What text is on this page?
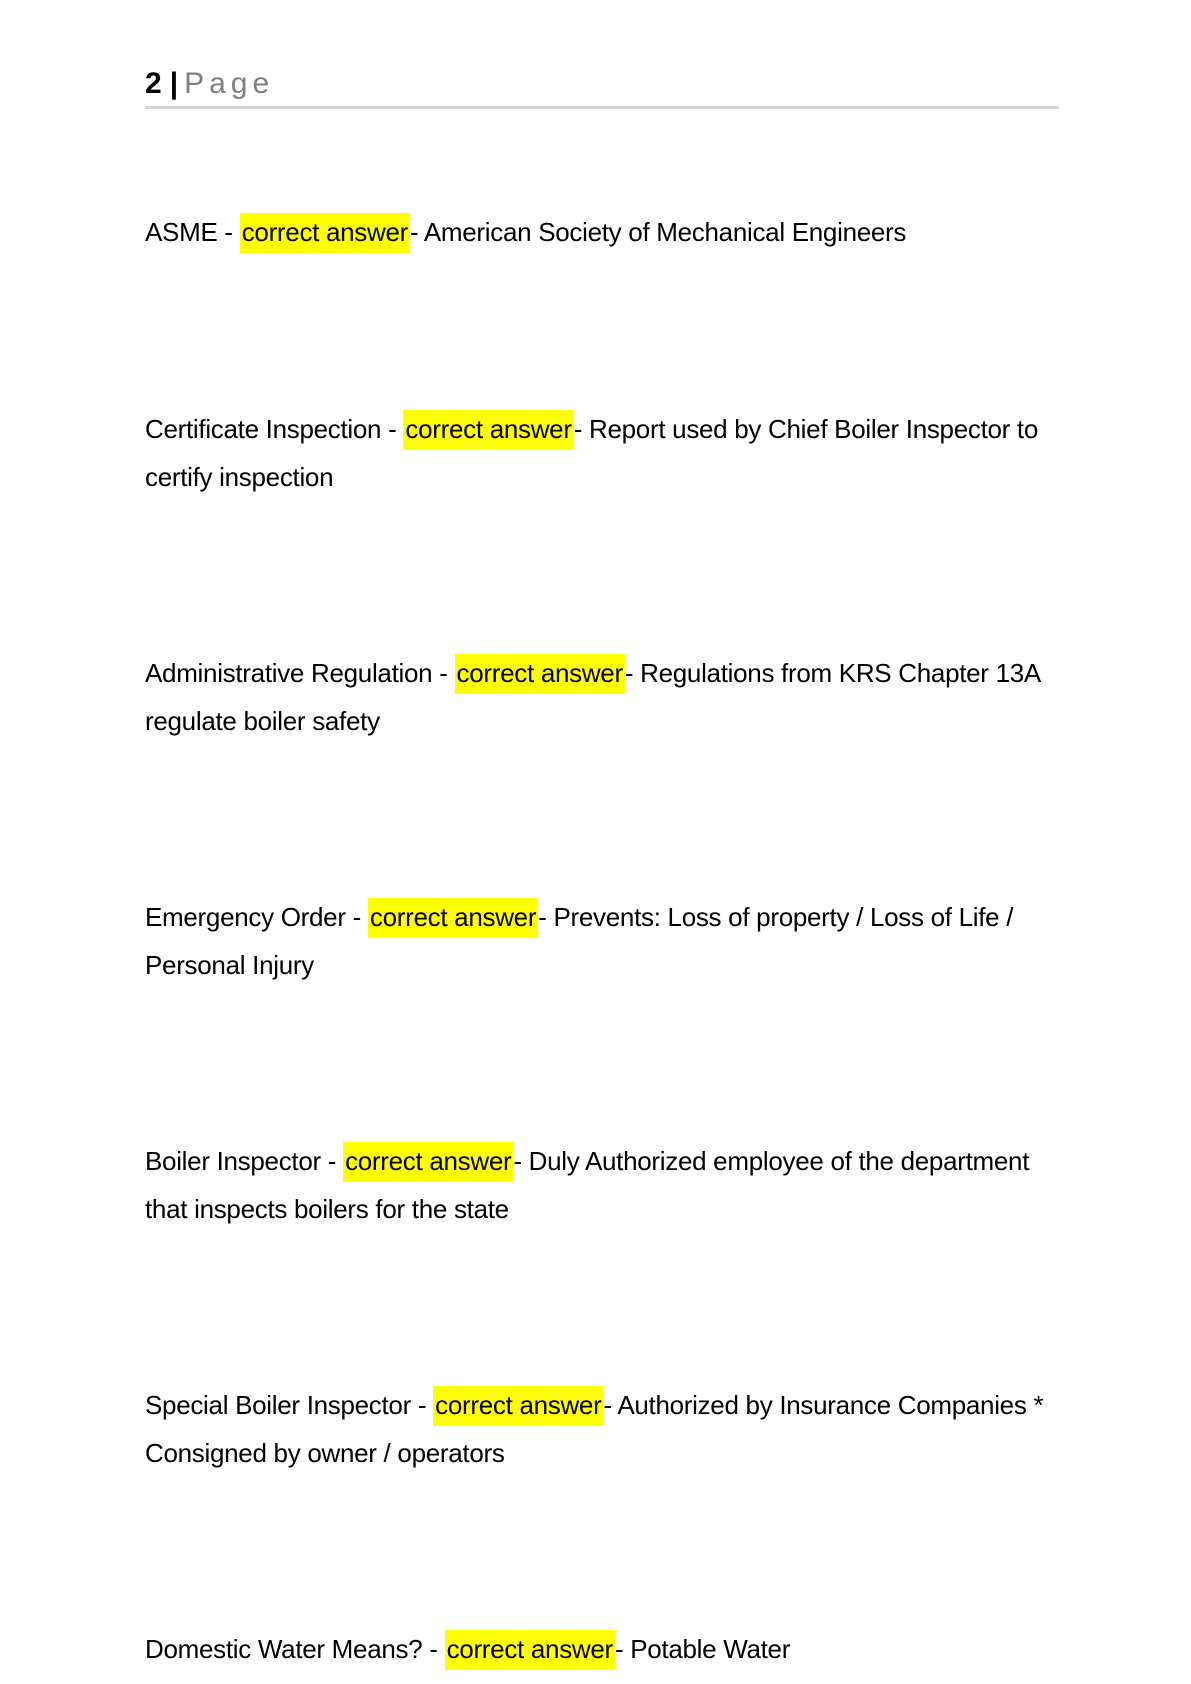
2 | Page
ASME - correct answer- American Society of Mechanical Engineers
Certificate Inspection - correct answer- Report used by Chief Boiler Inspector to certify inspection
Administrative Regulation - correct answer- Regulations from KRS Chapter 13A regulate boiler safety
Emergency Order - correct answer- Prevents: Loss of property / Loss of Life / Personal Injury
Boiler Inspector - correct answer- Duly Authorized employee of the department that inspects boilers for the state
Special Boiler Inspector - correct answer- Authorized by Insurance Companies * Consigned by owner / operators
Domestic Water Means? - correct answer- Potable Water
